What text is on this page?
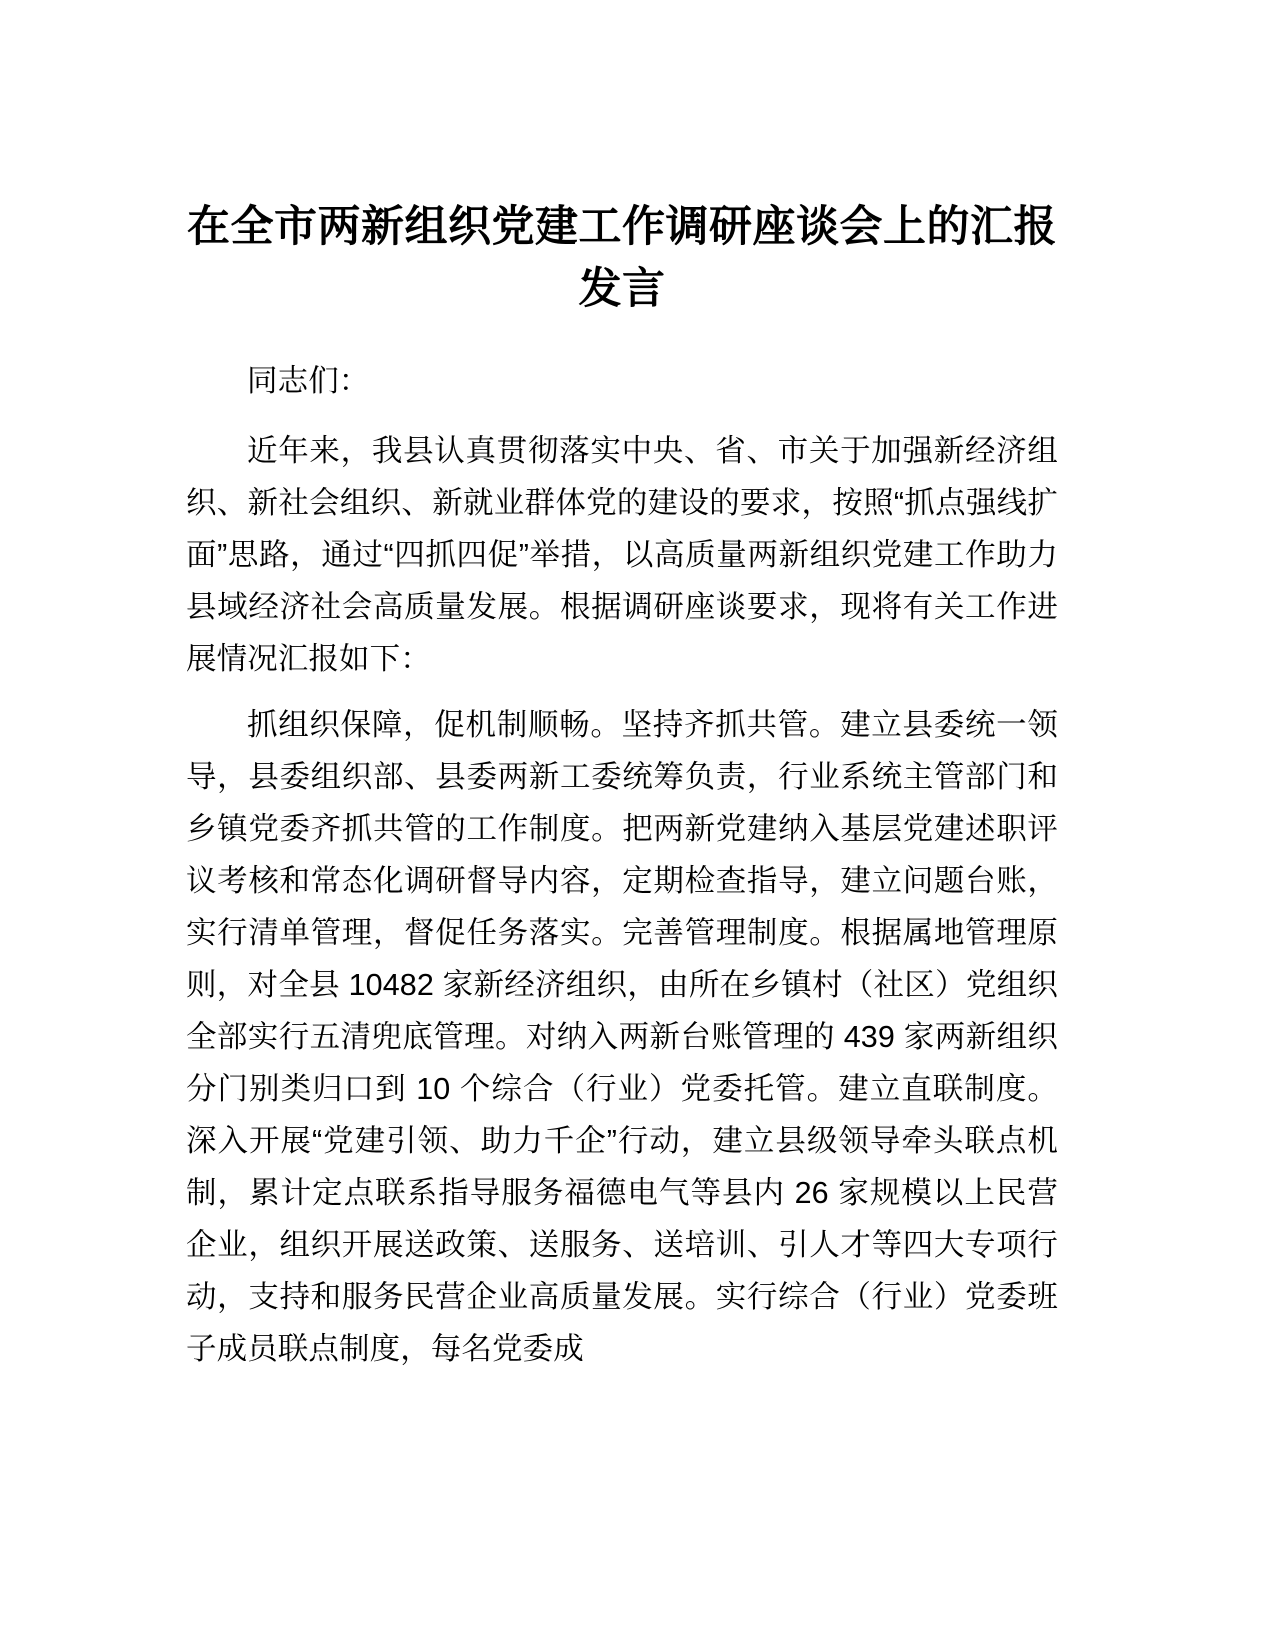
在全市两新组织党建工作调研座谈会上的汇报发言

同志们：

近年来，我县认真贯彻落实中央、省、市关于加强新经济组织、新社会组织、新就业群体党的建设的要求，按照“抓点强线扩面”思路，通过“四抓四促”举措，以高质量两新组织党建工作助力县域经济社会高质量发展。根据调研座谈要求，现将有关工作进展情况汇报如下：

抓组织保障，促机制顺畅。坚持齐抓共管。建立县委统一领导，县委组织部、县委两新工委统筹负责，行业系统主管部门和乡镇党委齐抓共管的工作制度。把两新党建纳入基层党建述职评议考核和常态化调研督导内容，定期检查指导，建立问题台账，实行清单管理，督促任务落实。完善管理制度。根据属地管理原则，对全县 10482 家新经济组织，由所在乡镇村（社区）党组织全部实行五清兜底管理。对纳入两新台账管理的 439 家两新组织分门别类归口到 10 个综合（行业）党委托管。建立直联制度。深入开展“党建引领、助力千企”行动，建立县级领导牵头联点机制，累计定点联系指导服务福德电气等县内 26 家规模以上民营企业，组织开展送政策、送服务、送培训、引人才等四大专项行动，支持和服务民营企业高质量发展。实行综合（行业）党委班子成员联点制度，每名党委成
